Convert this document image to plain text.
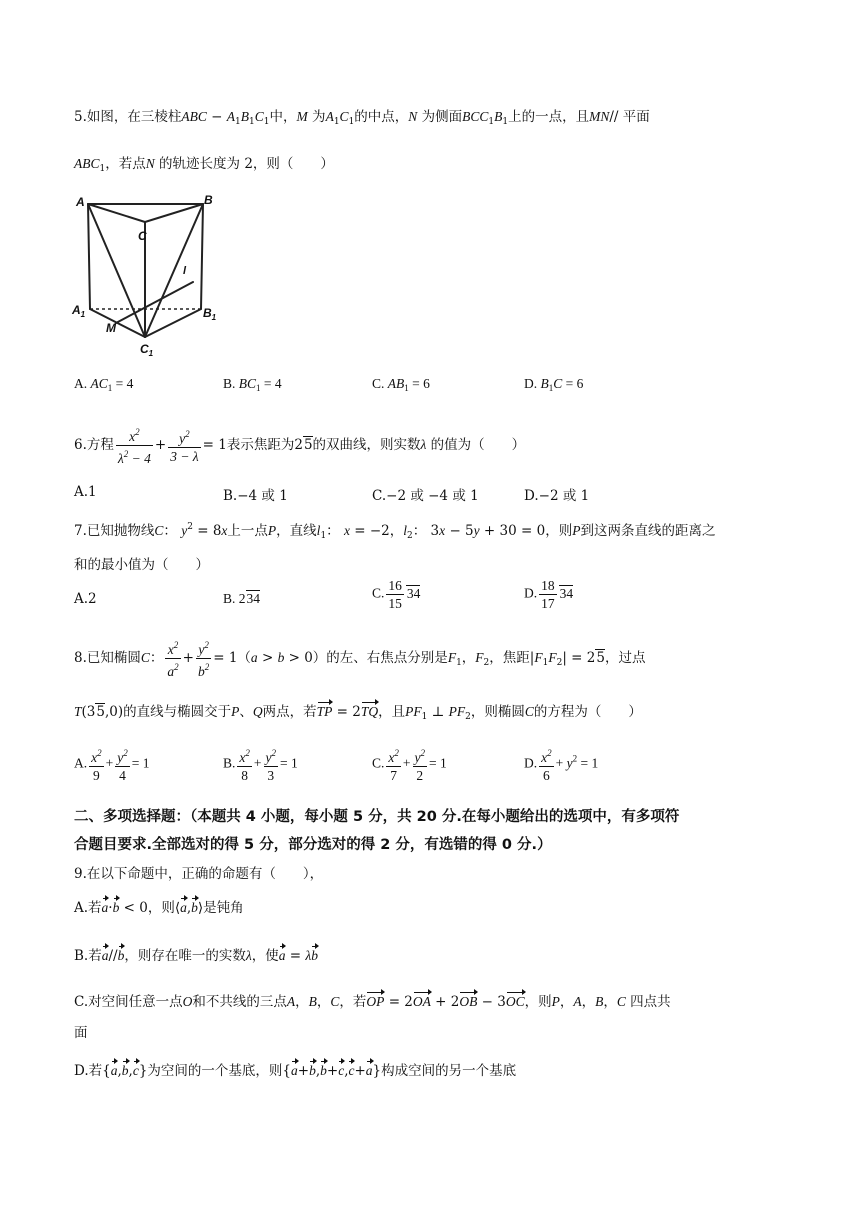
5.如图，在三棱柱ABC − $A_1B_1C_1$中，M 为$A_1C_1$的中点，N 为侧面$BCC_1B_1$上的一点，且MN// 平面
$ABC_1$，若点N 的轨迹长度为 2，则（　　）
A	B
C
$A_1$	$B_1$
$C_1$
M
l
A. $AC_1 = 4$	B. $BC_1 = 4$	C. $AB_1 = 6$	D. $B_1C = 6$
6.方程 $\frac{x^2}{\lambda^2 - 4} + \frac{y^2}{3 - \lambda} = 1$表示焦距为25的双曲线，则实数λ 的值为（　　）
A.1	B.−4 或 1	C.−2 或 −4 或 1	D.−2 或 1
7.已知抛物线C： $y^2 = 8x$上一点P，直线$l_1$： x = −2，$l_2$： 3x − 5y + 30 = 0，则P到这两条直线的距离之
和的最小值为（　　）
A.2	B. 234	C. $\frac{16}{15} 34$	D. $\frac{18}{17} 34$
8.已知椭圆C： $\frac{x^2}{a^2} + \frac{y^2}{b^2} = 1(a > b > 0)$的左、右焦点分别是$F_1$，$F_2$，焦距$|F_1F_2| = 25$，过点
T(35,0)的直线与椭圆交于P、Q两点，若TP = 2TQ，且$PF_1$ ⊥ $PF_2$，则椭圆C的方程为（　　）
A. $\frac{x^2}{9} + \frac{y^2}{4} = 1$	B. $\frac{x^2}{8} + \frac{y^2}{3} = 1$	C. $\frac{x^2}{7} + \frac{y^2}{2} = 1$	D. $\frac{x^2}{6} + y^2 = 1$
二、多项选择题：（本题共 4 小题，每小题 5 分，共 20 分.在每小题给出的选项中，有多项符
合题目要求.全部选对的得 5 分，部分选对的得 2 分，有选错的得 0 分.）
9.在以下命题中，正确的命题有（　　），
A.若a·b < 0，则⟨a,b⟩是钝角
B.若a//b，则存在唯一的实数λ，使a = λb
C.对空间任意一点O和不共线的三点A，B，C，若OP = 2OA + 2OB − 3OC，则P，A，B，C 四点共
面
D.若{a,b,c}为空间的一个基底，则{a+b,b+c,c+a}构成空间的另一个基底
